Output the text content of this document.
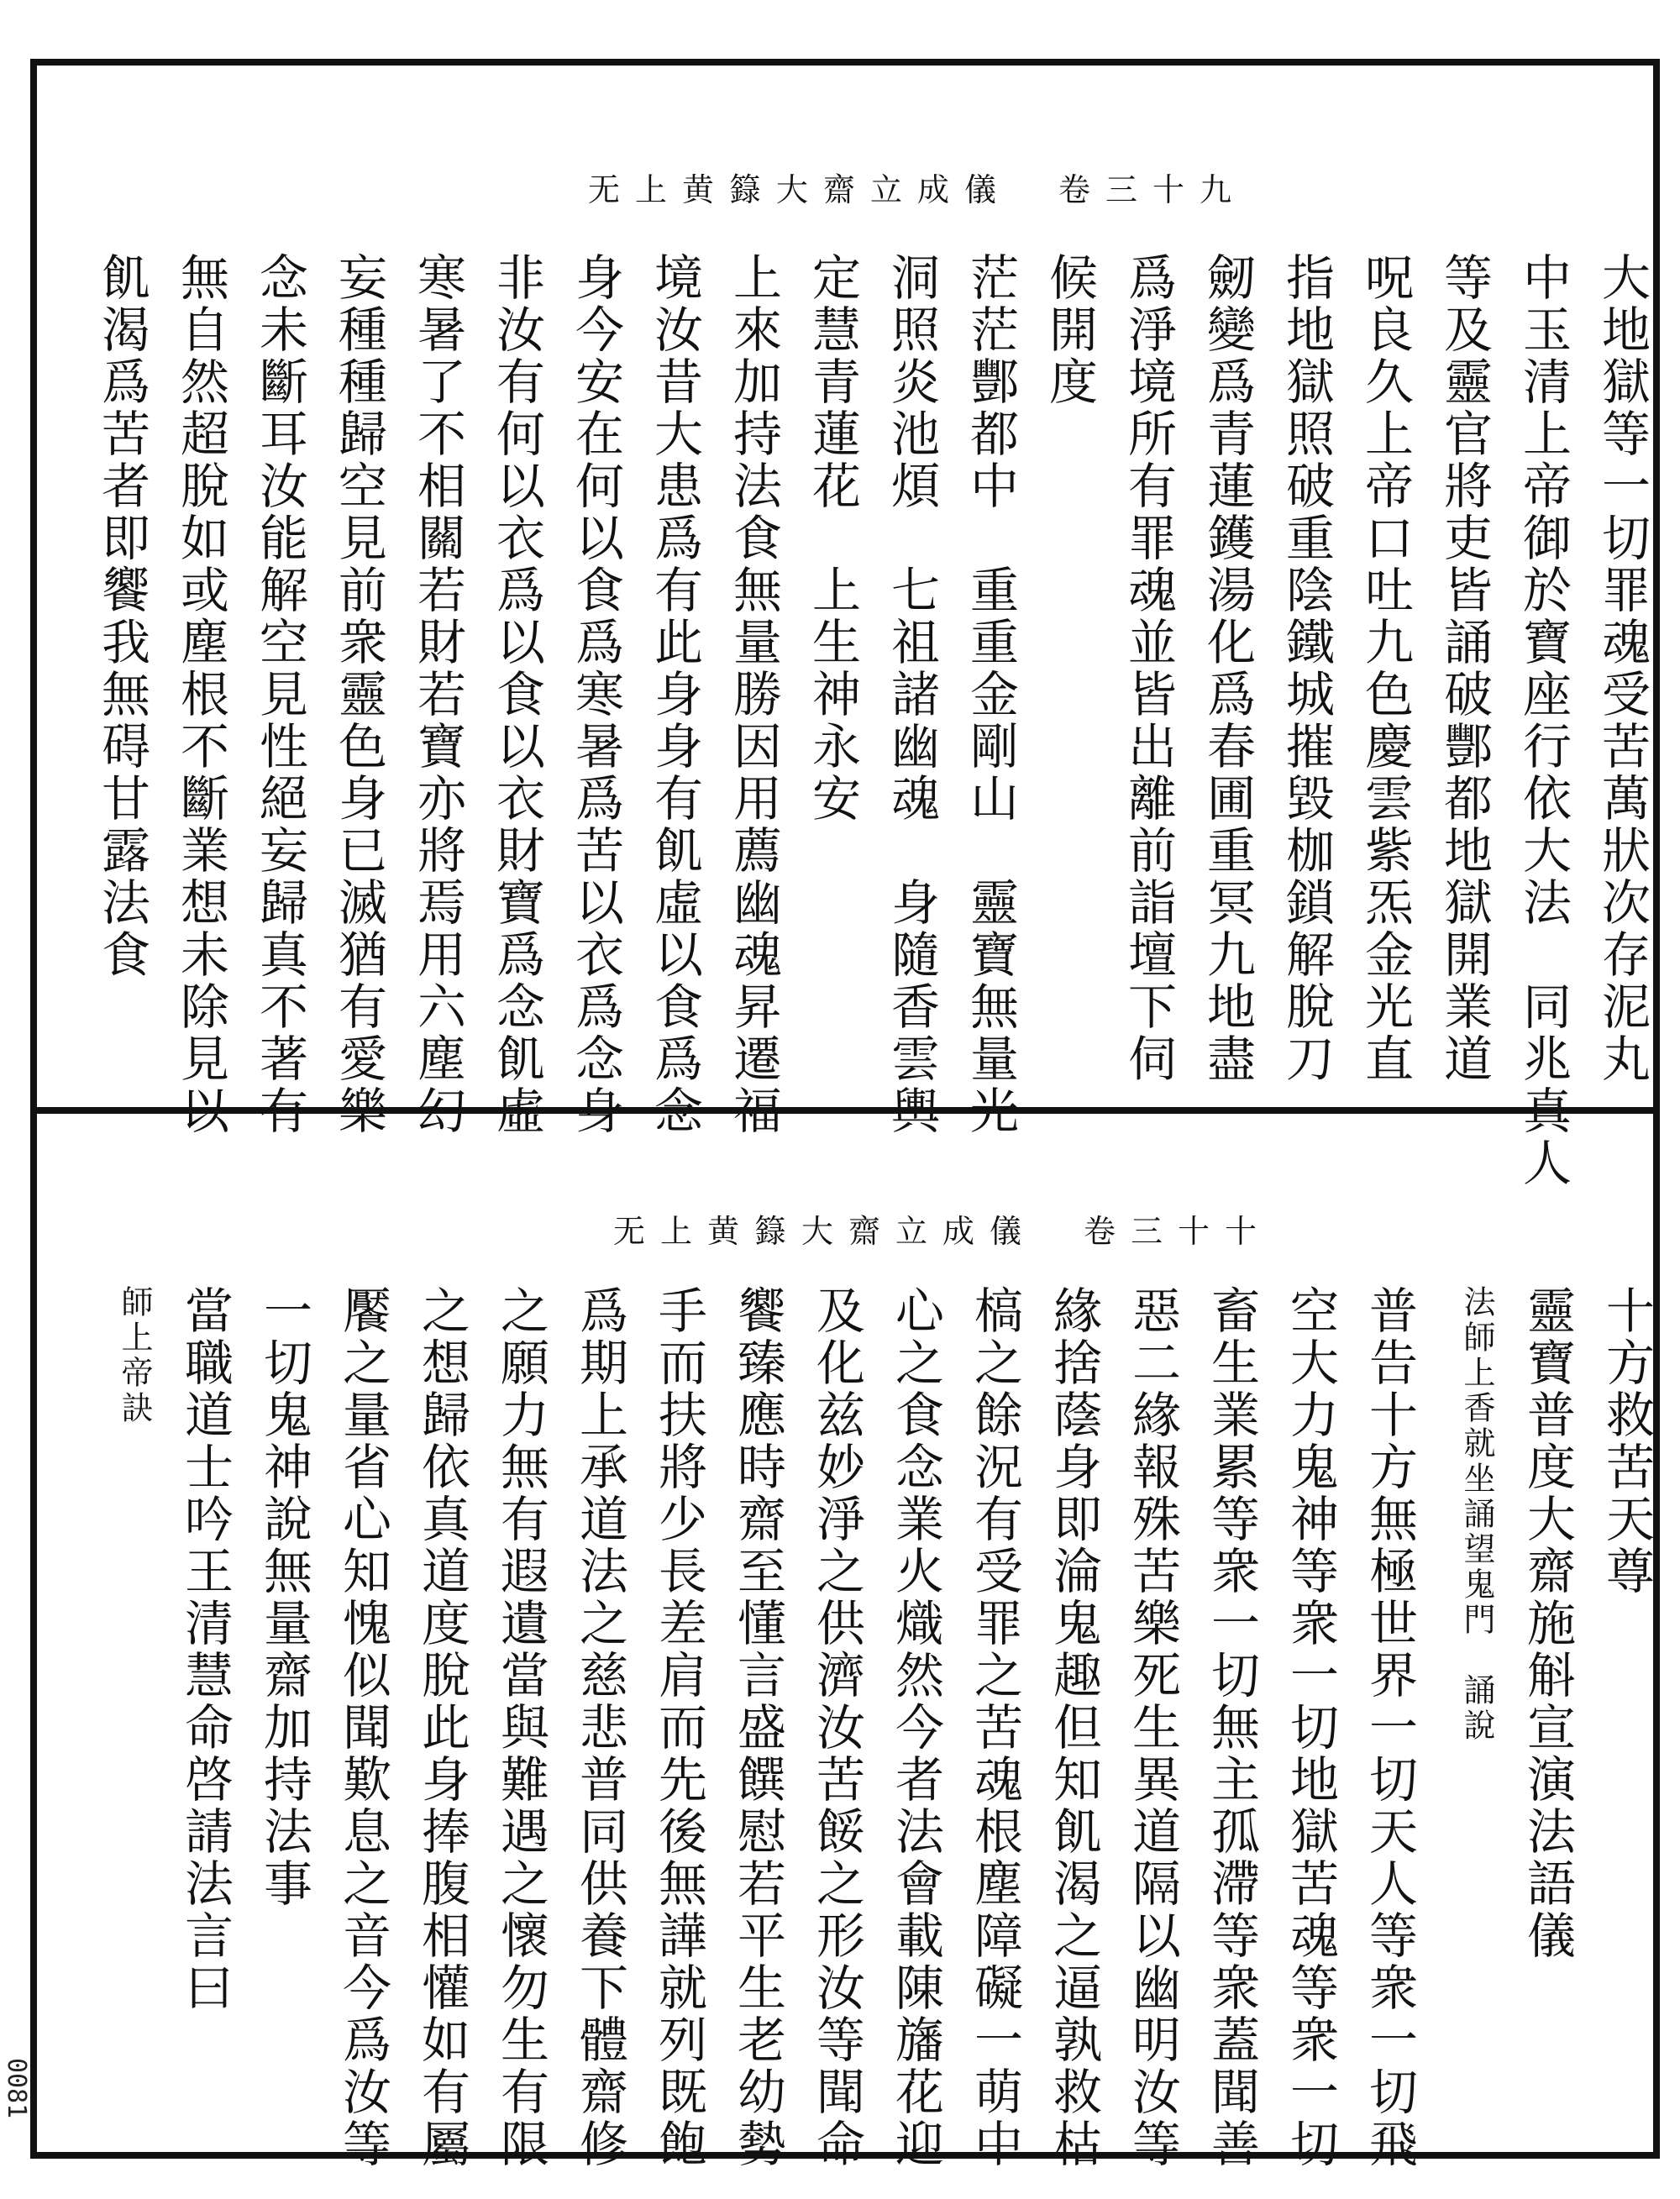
无上黄籙大齋立成儀　卷三十九
大地獄等一切罪魂受苦萬狀次存泥丸
中玉清上帝御於寶座行依大法　同兆真人
等及靈官將吏皆誦破酆都地獄開業道
呪良久上帝口吐九色慶雲紫炁金光直
指地獄照破重陰鐵城摧毀枷鎖解脫刀
劒變爲青蓮鑊湯化爲春圃重冥九地盡
爲淨境所有罪魂並皆出離前詣壇下伺
候開度
茫茫酆都中　重重金剛山　靈寶無量光
洞照炎池煩　七祖諸幽魂　身隨香雲輿
定慧青蓮花　上生神永安
上來加持法食無量勝因用薦幽魂昇遷福
境汝昔大患爲有此身身有飢虛以食爲念
身今安在何以食爲寒暑爲苦以衣爲念身
非汝有何以衣爲以食以衣財寶爲念飢虛
寒暑了不相關若財若寶亦將焉用六塵幻
妄種種歸空見前衆靈色身已滅猶有愛樂
念未斷耳汝能解空見性絕妄歸真不著有
無自然超脫如或塵根不斷業想未除見以
飢渴爲苦者即饗我無碍甘露法食
无上黄籙大齋立成儀　卷三十十
十方救苦天尊
靈寶普度大齋施斛宣演法語儀
法師上香就坐誦望鬼門　誦說
普告十方無極世界一切天人等衆一切飛
空大力鬼神等衆一切地獄苦魂等衆一切
畜生業累等衆一切無主孤滯等衆蓋聞善
惡二緣報殊苦樂死生異道隔以幽明汝等
緣捨蔭身即淪鬼趣但知飢渴之逼孰救枯
槁之餘況有受罪之苦魂根塵障礙一萌中
心之食念業火熾然今者法會載陳旛花迎
及化兹妙淨之供濟汝苦餒之形汝等聞命
饗臻應時齋至懂言盛饌慰若平生老幼勢
手而扶將少長差肩而先後無譁就列既飽
爲期上承道法之慈悲普同供養下體齋修
之願力無有遐遺當與難遇之懷勿生有限
之想歸依真道度脫此身捧腹相懽如有屬
饜之量省心知愧似聞歎息之音今爲汝等
一切鬼神說無量齋加持法事
當職道士吟王清慧命啓請法言曰
師上帝訣
0081
